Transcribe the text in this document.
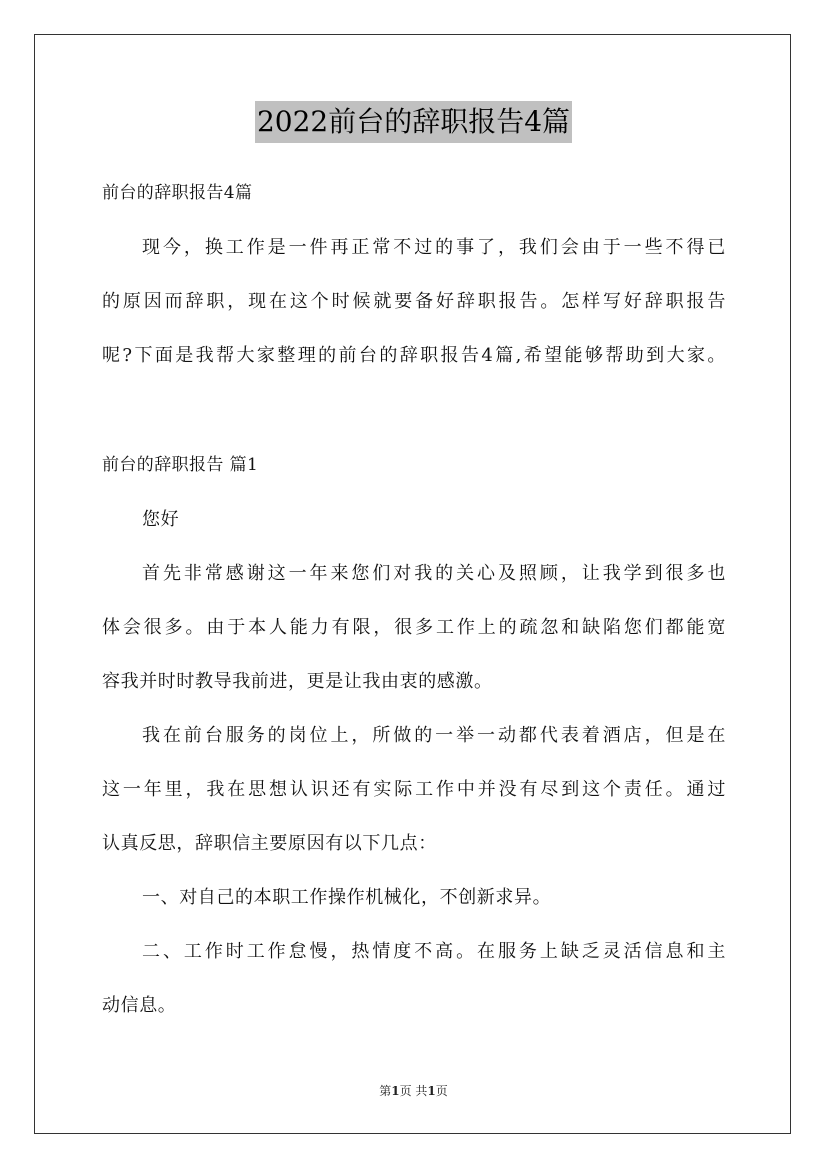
2022前台的辞职报告4篇
前台的辞职报告4篇
现今，换工作是一件再正常不过的事了，我们会由于一些不得已
的原因而辞职，现在这个时候就要备好辞职报告。怎样写好辞职报告
呢?下面是我帮大家整理的前台的辞职报告4篇,希望能够帮助到大家。
前台的辞职报告 篇1
您好
首先非常感谢这一年来您们对我的关心及照顾，让我学到很多也
体会很多。由于本人能力有限，很多工作上的疏忽和缺陷您们都能宽
容我并时时教导我前进，更是让我由衷的感激。
我在前台服务的岗位上，所做的一举一动都代表着酒店，但是在
这一年里，我在思想认识还有实际工作中并没有尽到这个责任。通过
认真反思，辞职信主要原因有以下几点：
一、对自己的本职工作操作机械化，不创新求异。
二、工作时工作怠慢，热情度不高。在服务上缺乏灵活信息和主
动信息。
第1页 共1页
